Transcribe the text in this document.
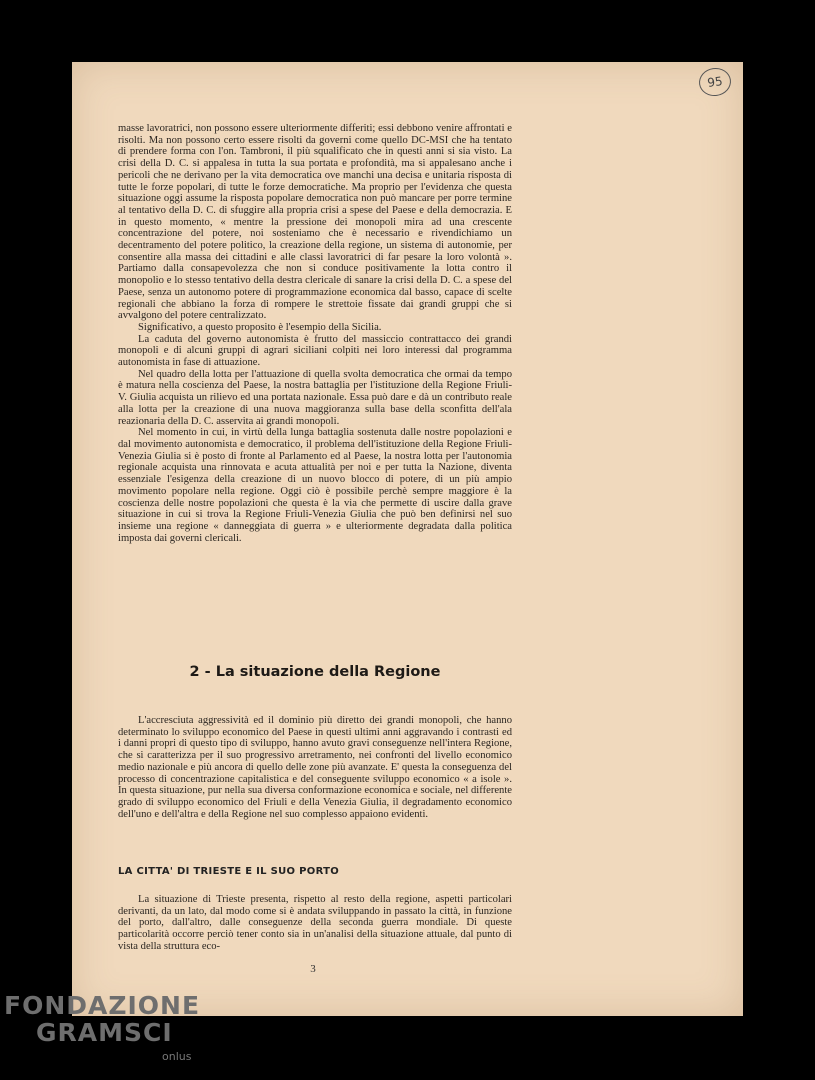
95

masse lavoratrici, non possono essere ulteriormente differiti; essi debbono venire affrontati e risolti. Ma non possono certo essere risolti da governi come quello DC-MSI che ha tentato di prendere forma con l'on. Tambroni, il più squalificato che in questi anni si sia visto. La crisi della D. C. si appalesa in tutta la sua portata e profondità, ma si appalesano anche i pericoli che ne derivano per la vita democratica ove manchi una decisa e unitaria risposta di tutte le forze popolari, di tutte le forze democratiche. Ma proprio per l'evidenza che questa situazione oggi assume la risposta popolare democratica non può mancare per porre termine al tentativo della D. C. di sfuggire alla propria crisi a spese del Paese e della democrazia. E in questo momento, « mentre la pressione dei monopoli mira ad una crescente concentrazione del potere, noi sosteniamo che è necessario e rivendichiamo un decentramento del potere politico, la creazione della regione, un sistema di autonomie, per consentire alla massa dei cittadini e alle classi lavoratrici di far pesare la loro volontà ». Partiamo dalla consapevolezza che non si conduce positivamente la lotta contro il monopolio e lo stesso tentativo della destra clericale di sanare la crisi della D. C. a spese del Paese, senza un autonomo potere di programmazione economica dal basso, capace di scelte regionali che abbiano la forza di rompere le strettoie fissate dai grandi gruppi che si avvalgono del potere centralizzato.

Significativo, a questo proposito è l'esempio della Sicilia.

La caduta del governo autonomista è frutto del massiccio contrattacco dei grandi monopoli e di alcuni gruppi di agrari siciliani colpiti nei loro interessi dal programma autonomista in fase di attuazione.

Nel quadro della lotta per l'attuazione di quella svolta democratica che ormai da tempo è matura nella coscienza del Paese, la nostra battaglia per l'istituzione della Regione Friuli-V. Giulia acquista un rilievo ed una portata nazionale. Essa può dare e dà un contributo reale alla lotta per la creazione di una nuova maggioranza sulla base della sconfitta dell'ala reazionaria della D. C. asservita ai grandi monopoli.

Nel momento in cui, in virtù della lunga battaglia sostenuta dalle nostre popolazioni e dal movimento autonomista e democratico, il problema dell'istituzione della Regione Friuli-Venezia Giulia si è posto di fronte al Parlamento ed al Paese, la nostra lotta per l'autonomia regionale acquista una rinnovata e acuta attualità per noi e per tutta la Nazione, diventa essenziale l'esigenza della creazione di un nuovo blocco di potere, di un più ampio movimento popolare nella regione. Oggi ciò è possibile perchè sempre maggiore è la coscienza delle nostre popolazioni che questa è la via che permette di uscire dalla grave situazione in cui si trova la Regione Friuli-Venezia Giulia che può ben definirsi nel suo insieme una regione « danneggiata di guerra » e ulteriormente degradata dalla politica imposta dai governi clericali.

2 - La situazione della Regione

L'accresciuta aggressività ed il dominio più diretto dei grandi monopoli, che hanno determinato lo sviluppo economico del Paese in questi ultimi anni aggravando i contrasti ed i danni propri di questo tipo di sviluppo, hanno avuto gravi conseguenze nell'intera Regione, che si caratterizza per il suo progressivo arretramento, nei confronti del livello economico medio nazionale e più ancora di quello delle zone più avanzate. E' questa la conseguenza del processo di concentrazione capitalistica e del conseguente sviluppo economico « a isole ». In questa situazione, pur nella sua diversa conformazione economica e sociale, nel differente grado di sviluppo economico del Friuli e della Venezia Giulia, il degradamento economico dell'uno e dell'altra e della Regione nel suo complesso appaiono evidenti.

LA CITTA' DI TRIESTE E IL SUO PORTO

La situazione di Trieste presenta, rispetto al resto della regione, aspetti particolari derivanti, da un lato, dal modo come si è andata sviluppando in passato la città, in funzione del porto, dall'altro, dalle conseguenze della seconda guerra mondiale. Di queste particolarità occorre perciò tener conto sia in un'analisi della situazione attuale, dal punto di vista della struttura eco-

3
FONDAZIONE
GRAMSCI
onlus
